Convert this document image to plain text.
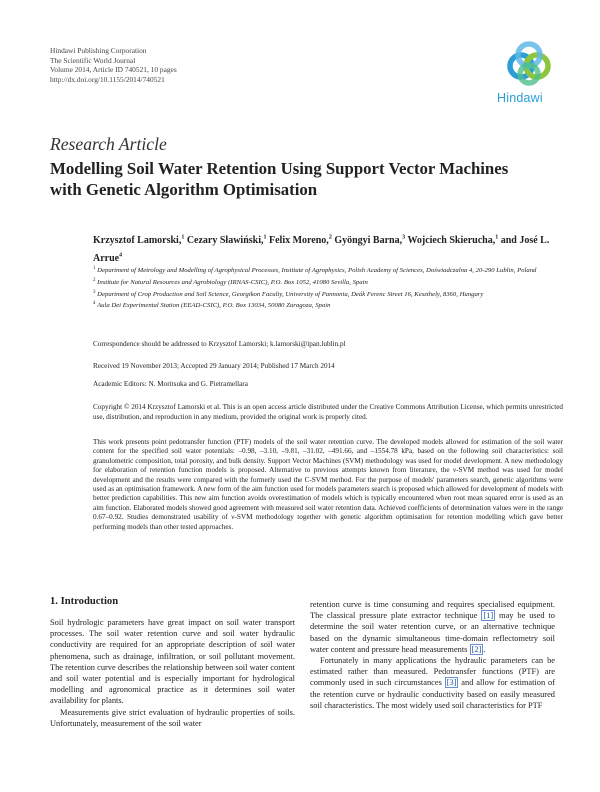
Hindawi Publishing Corporation
The Scientific World Journal
Volume 2014, Article ID 740521, 10 pages
http://dx.doi.org/10.1155/2014/740521
Hindawi
Research Article
Modelling Soil Water Retention Using Support Vector Machines
with Genetic Algorithm Optimisation
Krzysztof Lamorski,$^1$ Cezary Sławiński,$^1$ Felix Moreno,$^2$ Gyöngyi Barna,$^3$ Wojciech Skierucha,$^1$ and José L. Arrue$^4$
$^1$ Department of Metrology and Modelling of Agrophysical Processes, Institute of Agrophysics, Polish Academy of Sciences, Doświadczalna 4, 20-290 Lublin, Poland
$^2$ Institute for Natural Resources and Agrobiology (IRNAS-CSIC), P.O. Box 1052, 41080 Sevilla, Spain
$^3$ Department of Crop Production and Soil Science, Georgikon Faculty, University of Pannonia, Deák Ferenc Street 16, Keszthely, 8360, Hungary
$^4$ Aula Dei Experimental Station (EEAD-CSIC), P.O. Box 13034, 50080 Zaragoza, Spain
Correspondence should be addressed to Krzysztof Lamorski; k.lamorski@ipan.lublin.pl
Received 19 November 2013; Accepted 29 January 2014; Published 17 March 2014
Academic Editors: N. Moritsuka and G. Pietramellara
Copyright © 2014 Krzysztof Lamorski et al. This is an open access article distributed under the Creative Commons Attribution License, which permits unrestricted use, distribution, and reproduction in any medium, provided the original work is properly cited.
This work presents point pedotransfer function (PTF) models of the soil water retention curve. The developed models allowed for estimation of the soil water content for the specified soil water potentials: –0.98, –3.10, –9.81, –31.02, –491.66, and –1554.78 kPa, based on the following soil characteristics: soil granulometric composition, total porosity, and bulk density. Support Vector Machines (SVM) methodology was used for model development. A new methodology for elaboration of retention function models is proposed. Alternative to previous attempts known from literature, the ν-SVM method was used for model development and the results were compared with the formerly used the C-SVM method. For the purpose of models' parameters search, genetic algorithms were used as an optimisation framework. A new form of the aim function used for models parameters search is proposed which allowed for development of models with better prediction capabilities. This new aim function avoids overestimation of models which is typically encountered when root mean squared error is used as an aim function. Elaborated models showed good agreement with measured soil water retention data. Achieved coefficients of determination values were in the range 0.67–0.92. Studies demonstrated usability of ν-SVM methodology together with genetic algorithm optimisation for retention modelling which gave better performing models than other tested approaches.
1. Introduction

Soil hydrologic parameters have great impact on soil water transport processes. The soil water retention curve and soil water hydraulic conductivity are required for an appropriate description of soil water phenomena, such as drainage, infiltration, or soil pollutant movement. The retention curve describes the relationship between soil water content and soil water potential and is especially important for hydrological modelling and agronomical practice as it determines soil water availability for plants.

Measurements give strict evaluation of hydraulic properties of soils. Unfortunately, measurement of the soil water

retention curve is time consuming and requires specialised equipment. The classical pressure plate extractor technique [1] may be used to determine the soil water retention curve, or an alternative technique based on the dynamic simultaneous time-domain reflectometry soil water content and pressure head measurements [2] .

Fortunately in many applications the hydraulic parameters can be estimated rather than measured. Pedotransfer functions (PTF) are commonly used in such circumstances [3] and allow for estimation of the retention curve or hydraulic conductivity based on easily measured soil characteristics. The most widely used soil characteristics for PTF
